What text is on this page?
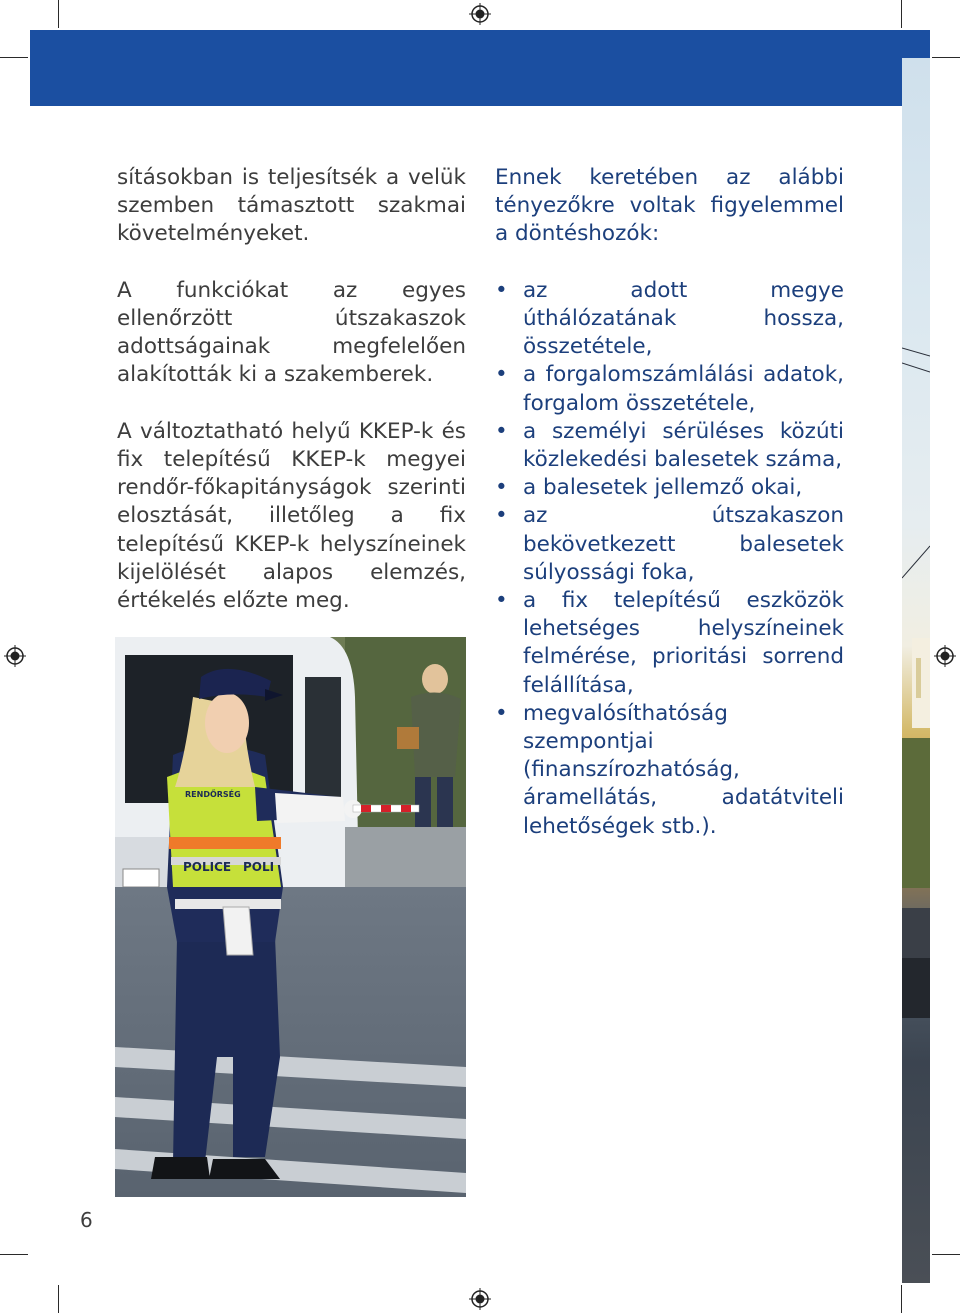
sításokban is teljesítsék a velük szemben támasztott szakmai követelményeket.

A funkciókat az egyes ellenőrzött útszakaszok adottságainak megfelelően alakították ki a szakemberek.

A változtatható helyű KKEP-k és fix telepítésű KKEP-k megyei rendőr-főkapitányságok szerinti elosztását, illetőleg a fix telepítésű KKEP-k helyszíneinek kijelölését alapos elemzés, értékelés előzte meg.

Ennek keretében az alábbi tényezőkre voltak figyelemmel a döntéshozók:

• az adott megye úthálózatának hossza, összetétele,
• a forgalomszámlálási adatok, forgalom összetétele,
• a személyi sérüléses közúti közlekedési balesetek száma,
• a balesetek jellemző okai,
• az útszakaszon bekövetkezett balesetek súlyossági foka,
• a fix telepítésű eszközök lehetséges helyszíneinek felmérése, prioritási sorrend felállítása,
• megvalósíthatóság szempontjai (finanszírozhatóság, áramellátás, adatátviteli lehetőségek stb.).
POLICE POLI
RENDŐRSÉG
6
